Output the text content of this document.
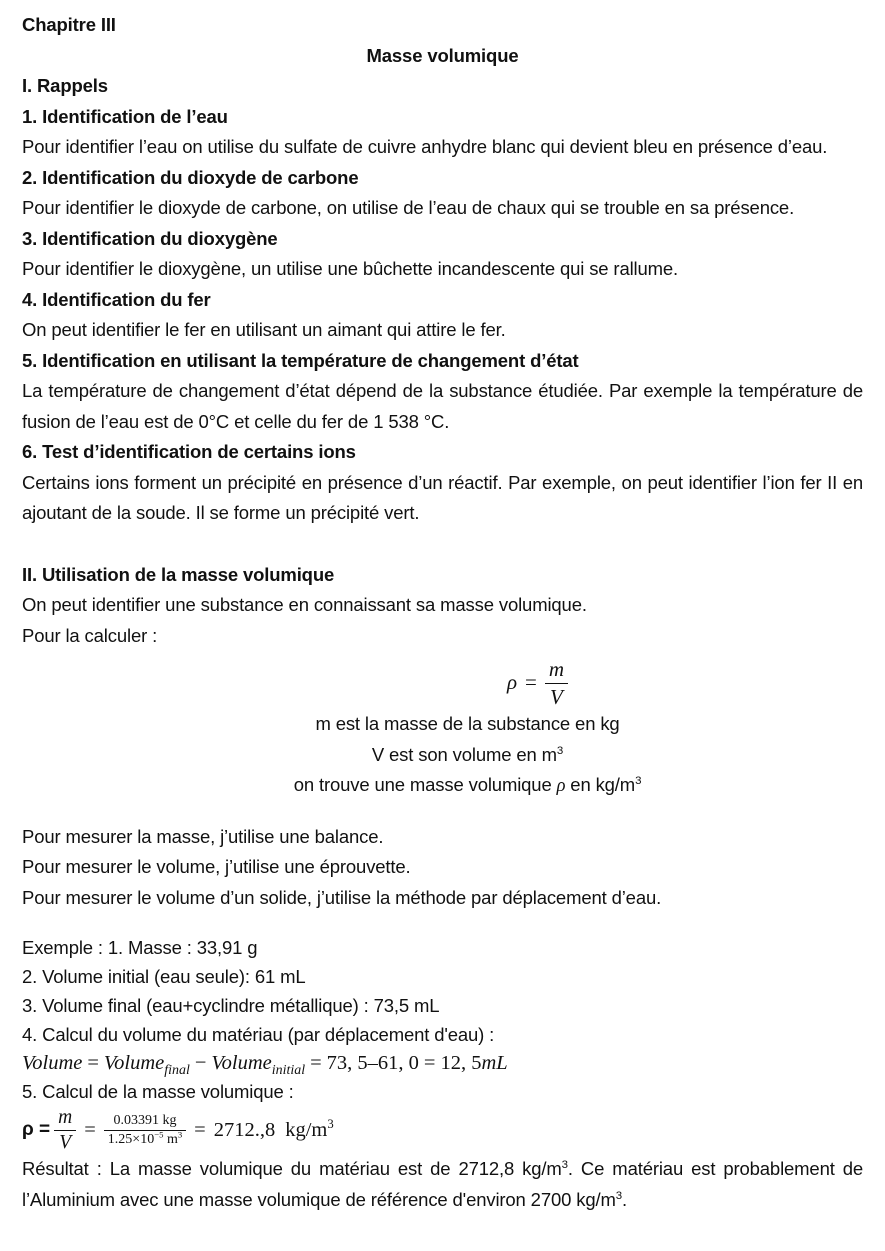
Chapitre III
Masse volumique
I. Rappels
1. Identification de l’eau
Pour identifier l’eau on utilise du sulfate de cuivre anhydre blanc qui devient bleu en présence d’eau.
2. Identification du dioxyde de carbone
Pour identifier le dioxyde de carbone, on utilise de l’eau de chaux qui se trouble en sa présence.
3. Identification du dioxygène
Pour identifier le dioxygène, un utilise une bûchette incandescente qui se rallume.
4. Identification du fer
On peut identifier le fer en utilisant un aimant qui attire le fer.
5. Identification en utilisant la température de changement d’état
La température de changement d’état dépend de la substance étudiée. Par exemple la température de fusion de l’eau est de 0°C et celle du fer de 1 538 °C.
6. Test d’identification de certains ions
Certains ions forment un précipité en présence d’un réactif. Par exemple, on peut identifier l’ion fer II en ajoutant de la soude. Il se forme un précipité vert.
II. Utilisation de la masse volumique
On peut identifier une substance en connaissant sa masse volumique.
Pour la calculer :
$\rho = \frac{m}{V}$
m est la masse de la substance en kg
V est son volume en $m^3$
on trouve une masse volumique ρ en $kg/m^3$
Pour mesurer la masse, j’utilise une balance.
Pour mesurer le volume, j’utilise une éprouvette.
Pour mesurer le volume d’un solide, j’utilise la méthode par déplacement d’eau.
Exemple : 1. Masse : 33,91 g
2. Volume initial (eau seule): 61 mL
3. Volume final (eau+cyclindre métallique) : 73,5 mL
4. Calcul du volume du matériau (par déplacement d'eau) :
Volume = Volume$_{final}$ − Volume$_{initial}$ = 73, 5–61, 0 = 12, 5mL
5. Calcul de la masse volumique :
$\rho = \frac{m}{V} = \frac{0.03391 kg}{1.25\times 10^{-5} m^3} = 2712.,8$ $kg/m^3$
Résultat : La masse volumique du matériau est de 2712,8 $kg/m^3$. Ce matériau est probablement de l’Aluminium avec une masse volumique de référence d'environ 2700 $kg/m^3$.
